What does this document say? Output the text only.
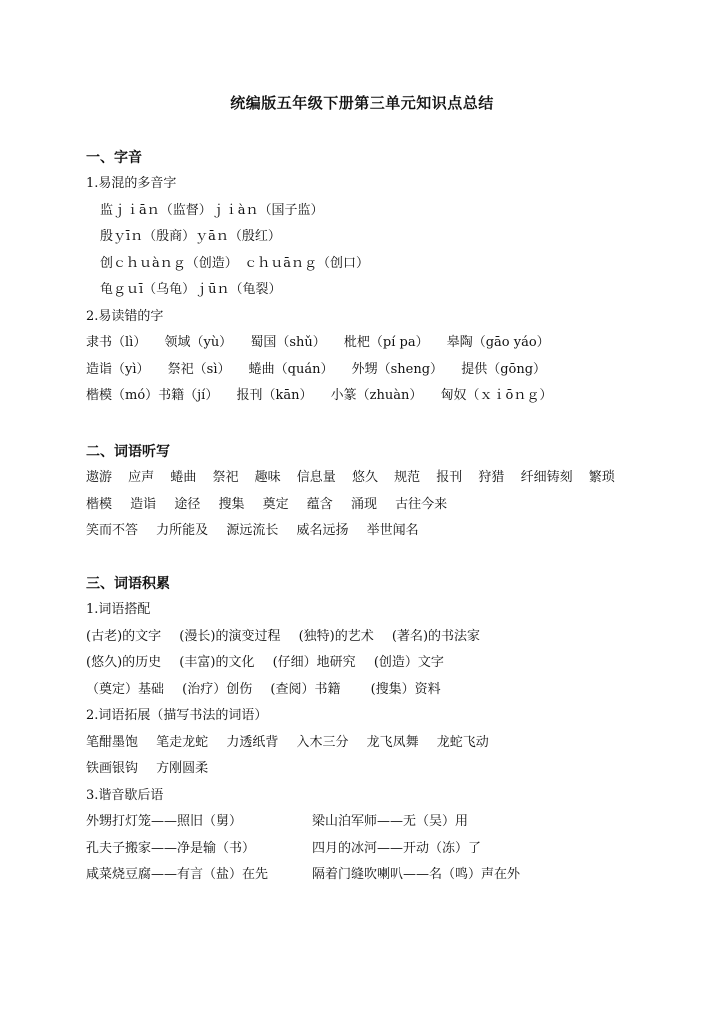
统编版五年级下册第三单元知识点总结
一、字音
1.易混的多音字
监ｊｉāｎ（监督）ｊｉàｎ（国子监）
殷ｙīｎ（殷商）ｙāｎ（殷红）
创ｃｈｕàｎｇ（创造）　ｃｈｕāｎｇ（创口）
龟ｇｕī（乌龟）ｊūｎ（龟裂）
2.易读错的字
隶书（lì） 领域（yù） 蜀国（shǔ） 枇杷（pí pa） 皋陶（gāo yáo）
造诣（yì） 祭祀（sì） 蜷曲（quán） 外甥（sheng） 提供（gōng）
楷模（mó）书籍（jí） 报刊（kān） 小篆（zhuàn） 匈奴（ｘｉōｎｇ）
二、词语听写
遨游 应声 蜷曲 祭祀 趣味 信息量 悠久 规范 报刊 狩猎 纤细铸刻 繁琐
楷模 造诣 途径 搜集 奠定 蕴含 涌现 古往今来
笑而不答 力所能及 源远流长 威名远扬 举世闻名
三、词语积累
1.词语搭配
(古老)的文字 (漫长)的演变过程 (独特)的艺术 (著名)的书法家
(悠久)的历史 (丰富)的文化 (仔细）地研究 (创造）文字
（奠定）基础 (治疗）创伤 (查阅）书籍 (搜集）资料
2.词语拓展（描写书法的词语）
笔酣墨饱 笔走龙蛇 力透纸背 入木三分 龙飞凤舞 龙蛇飞动
铁画银钩 方刚圆柔
3.谐音歇后语
外甥打灯笼——照旧（舅）	梁山泊军师——无（吴）用
孔夫子搬家——净是输（书）	四月的冰河——开动（冻）了
咸菜烧豆腐——有言（盐）在先	隔着门缝吹喇叭——名（鸣）声在外
